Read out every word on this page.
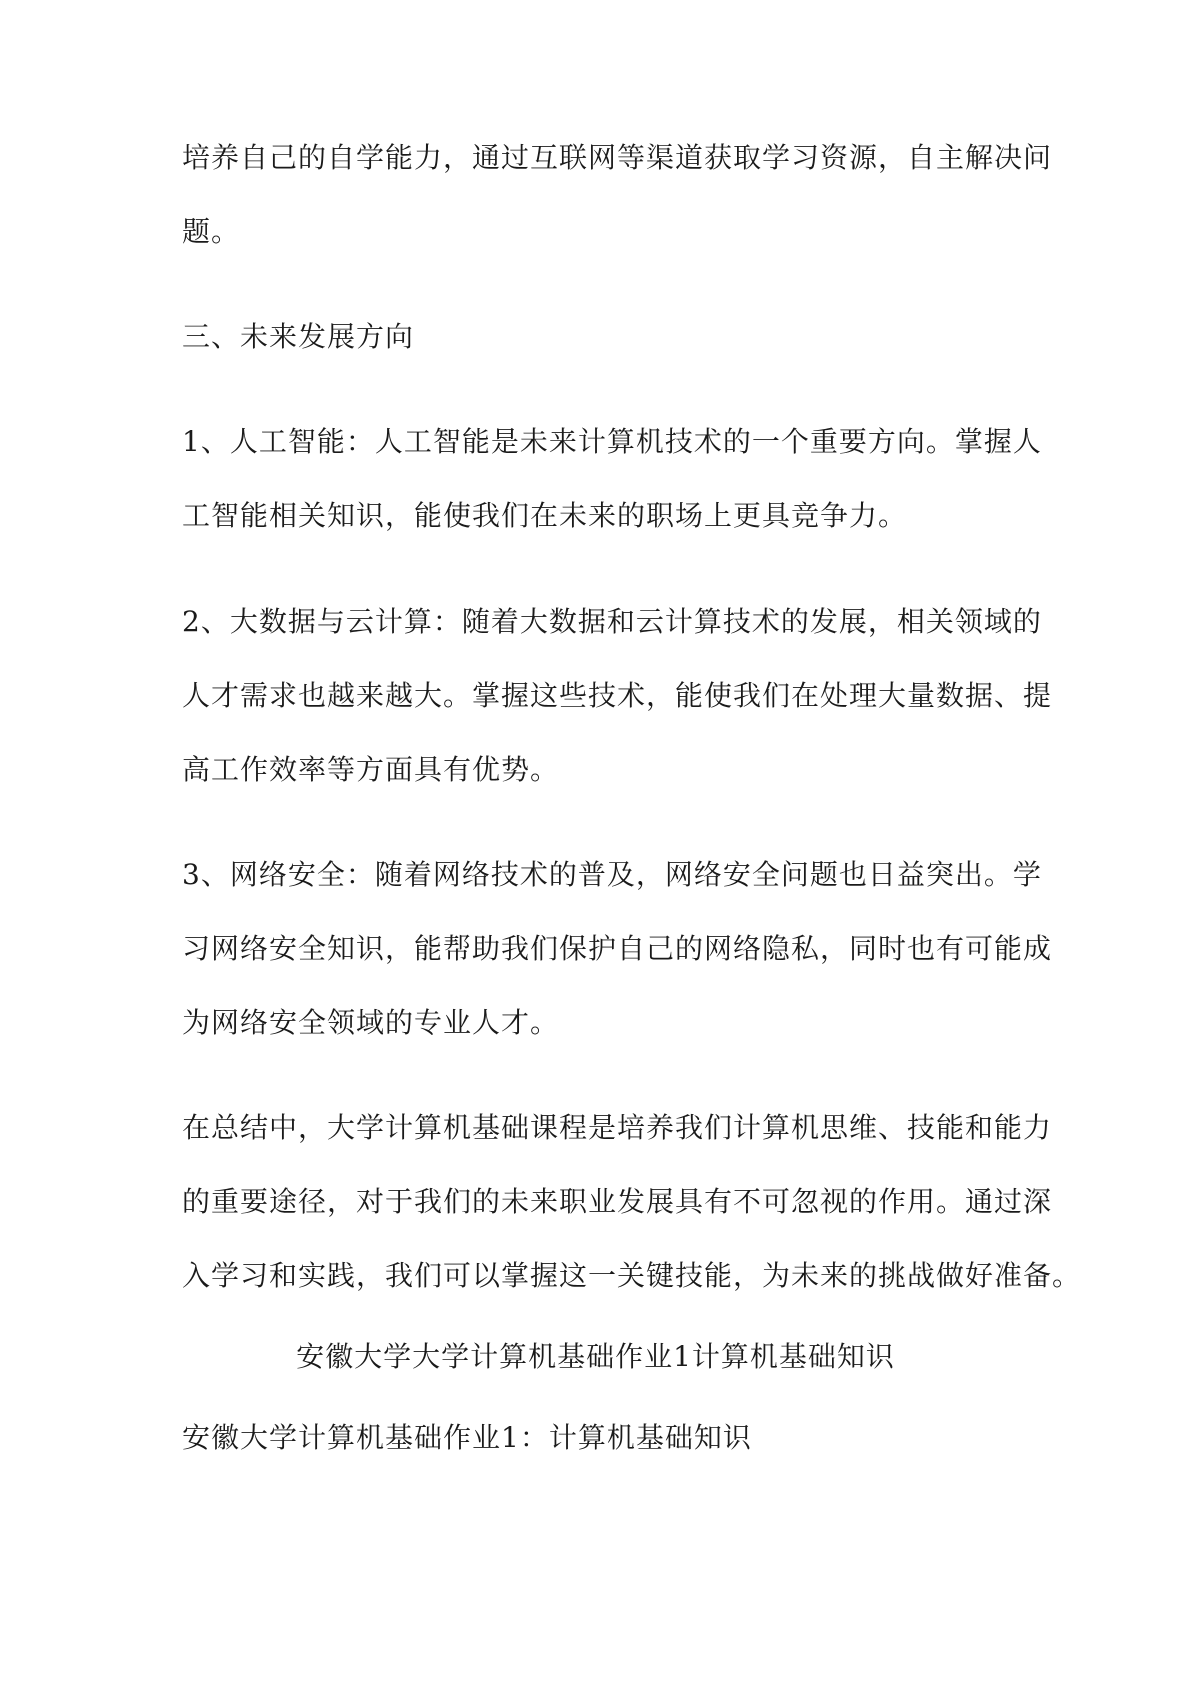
培养自己的自学能力，通过互联网等渠道获取学习资源，自主解决问
题。
三、未来发展方向
1、人工智能：人工智能是未来计算机技术的一个重要方向。掌握人
工智能相关知识，能使我们在未来的职场上更具竞争力。
2、大数据与云计算：随着大数据和云计算技术的发展，相关领域的
人才需求也越来越大。掌握这些技术，能使我们在处理大量数据、提
高工作效率等方面具有优势。
3、网络安全：随着网络技术的普及，网络安全问题也日益突出。学
习网络安全知识，能帮助我们保护自己的网络隐私，同时也有可能成
为网络安全领域的专业人才。
在总结中，大学计算机基础课程是培养我们计算机思维、技能和能力
的重要途径，对于我们的未来职业发展具有不可忽视的作用。通过深
入学习和实践，我们可以掌握这一关键技能，为未来的挑战做好准备。
安徽大学大学计算机基础作业1计算机基础知识
安徽大学计算机基础作业1：计算机基础知识
